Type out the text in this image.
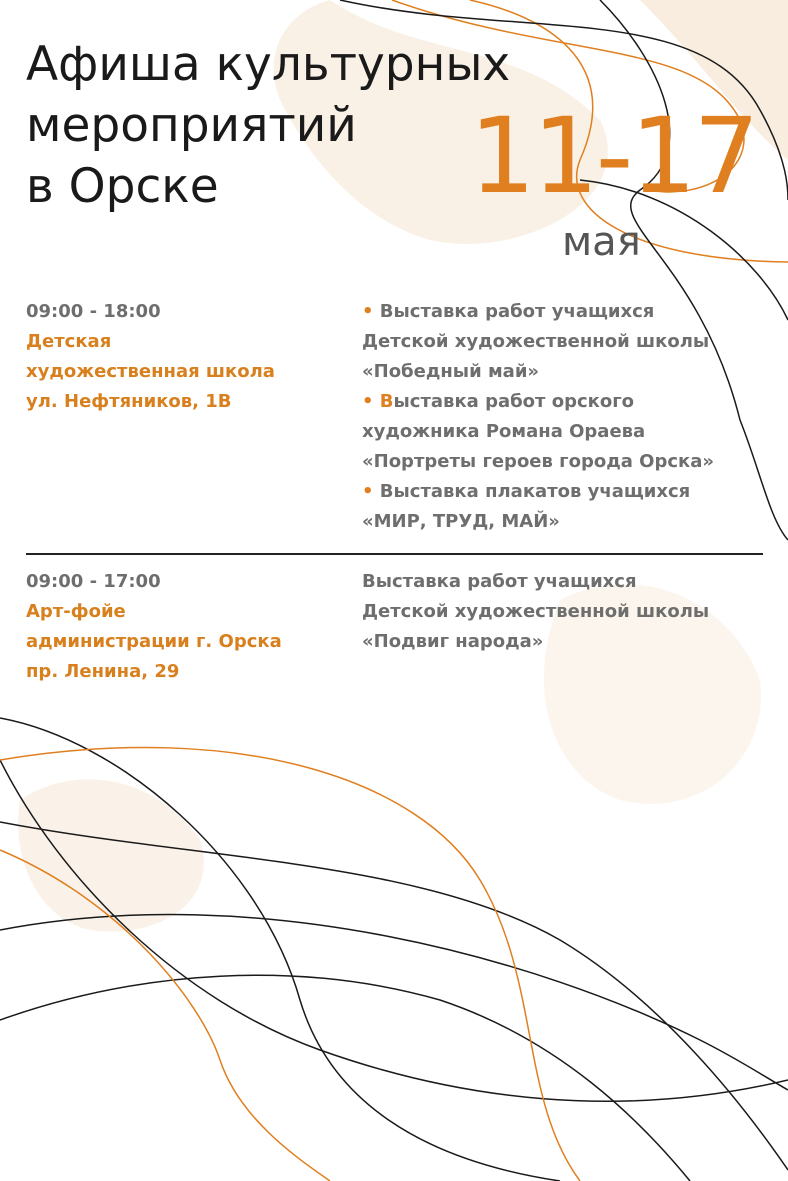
Афиша культурных
мероприятий
в Орске	11-17
мая
09:00 - 18:00
Детская
художественная школа
ул. Нефтяников, 1В
• Выставка работ учащихся
Детской художественной школы
«Победный май»
• Выставка работ орского
художника Романа Ораева
«Портреты героев города Орска»
• Выставка плакатов учащихся
«МИР, ТРУД, МАЙ»
09:00 - 17:00
Арт-фойе
администрации г. Орска
пр. Ленина, 29
Выставка работ учащихся
Детской художественной школы
«Подвиг народа»
